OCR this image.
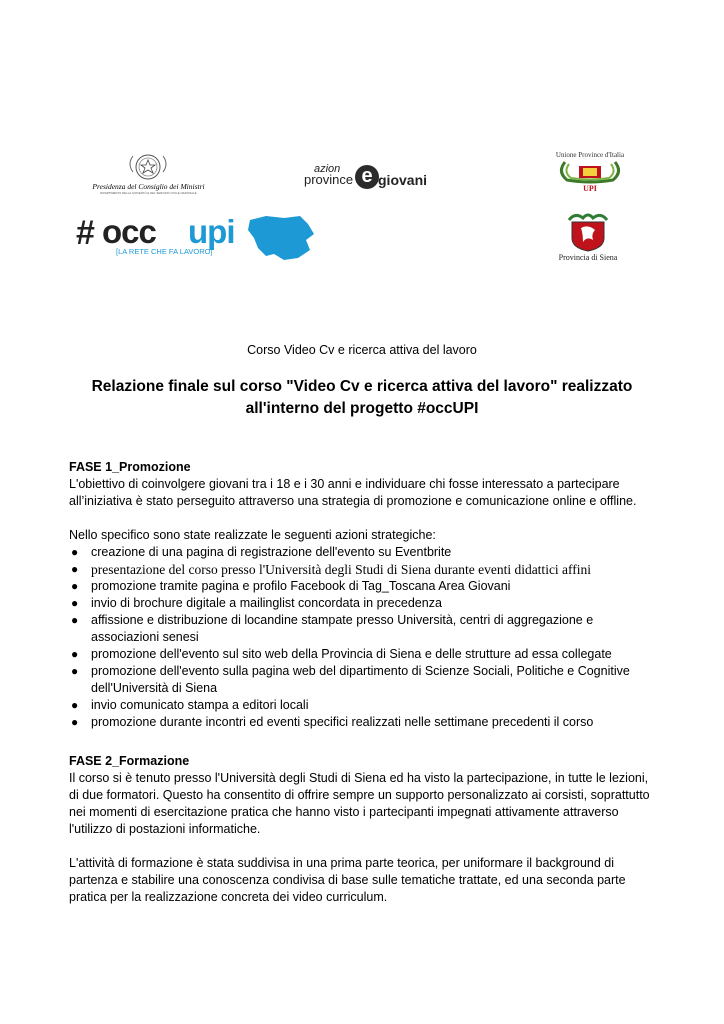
Presidenza del Consiglio dei Ministri
DIPARTIMENTO DELLA GIOVENTÙ E DEL SERVIZIO CIVILE NAZIONALE
azion
province e giovani
Unione Province d'Italia
UPI
# occ upi
[LA RETE CHE FA LAVORO]
Provincia di Siena
Corso Video Cv e ricerca attiva del lavoro
Relazione finale sul corso "Video Cv e ricerca attiva del lavoro" realizzato all'interno del progetto #occUPI
FASE 1_Promozione

L'obiettivo di coinvolgere giovani tra i 18 e i 30 anni e individuare chi fosse interessato a partecipare all’iniziativa è stato perseguito attraverso una strategia di promozione e comunicazione online e offline.

Nello specifico sono state realizzate le seguenti azioni strategiche:

● creazione di una pagina di registrazione dell'evento su Eventbrite
● presentazione del corso presso l'Università degli Studi di Siena durante eventi didattici affini
● promozione tramite pagina e profilo Facebook di Tag_Toscana Area Giovani
● invio di brochure digitale a mailinglist concordata in precedenza
● affissione e distribuzione di locandine stampate presso Università, centri di aggregazione e associazioni senesi
● promozione dell'evento sul sito web della Provincia di Siena e delle strutture ad essa collegate
● promozione dell'evento sulla pagina web del dipartimento di Scienze Sociali, Politiche e Cognitive dell'Università di Siena
● invio comunicato stampa a editori locali
● promozione durante incontri ed eventi specifici realizzati nelle settimane precedenti il corso
FASE 2_Formazione

Il corso si è tenuto presso l'Università degli Studi di Siena ed ha visto la partecipazione, in tutte le lezioni, di due formatori. Questo ha consentito di offrire sempre un supporto personalizzato ai corsisti, soprattutto nei momenti di esercitazione pratica che hanno visto i partecipanti impegnati attivamente attraverso l'utilizzo di postazioni informatiche.

L'attività di formazione è stata suddivisa in una prima parte teorica, per uniformare il background di partenza e stabilire una conoscenza condivisa di base sulle tematiche trattate, ed una seconda parte pratica per la realizzazione concreta dei video curriculum.
